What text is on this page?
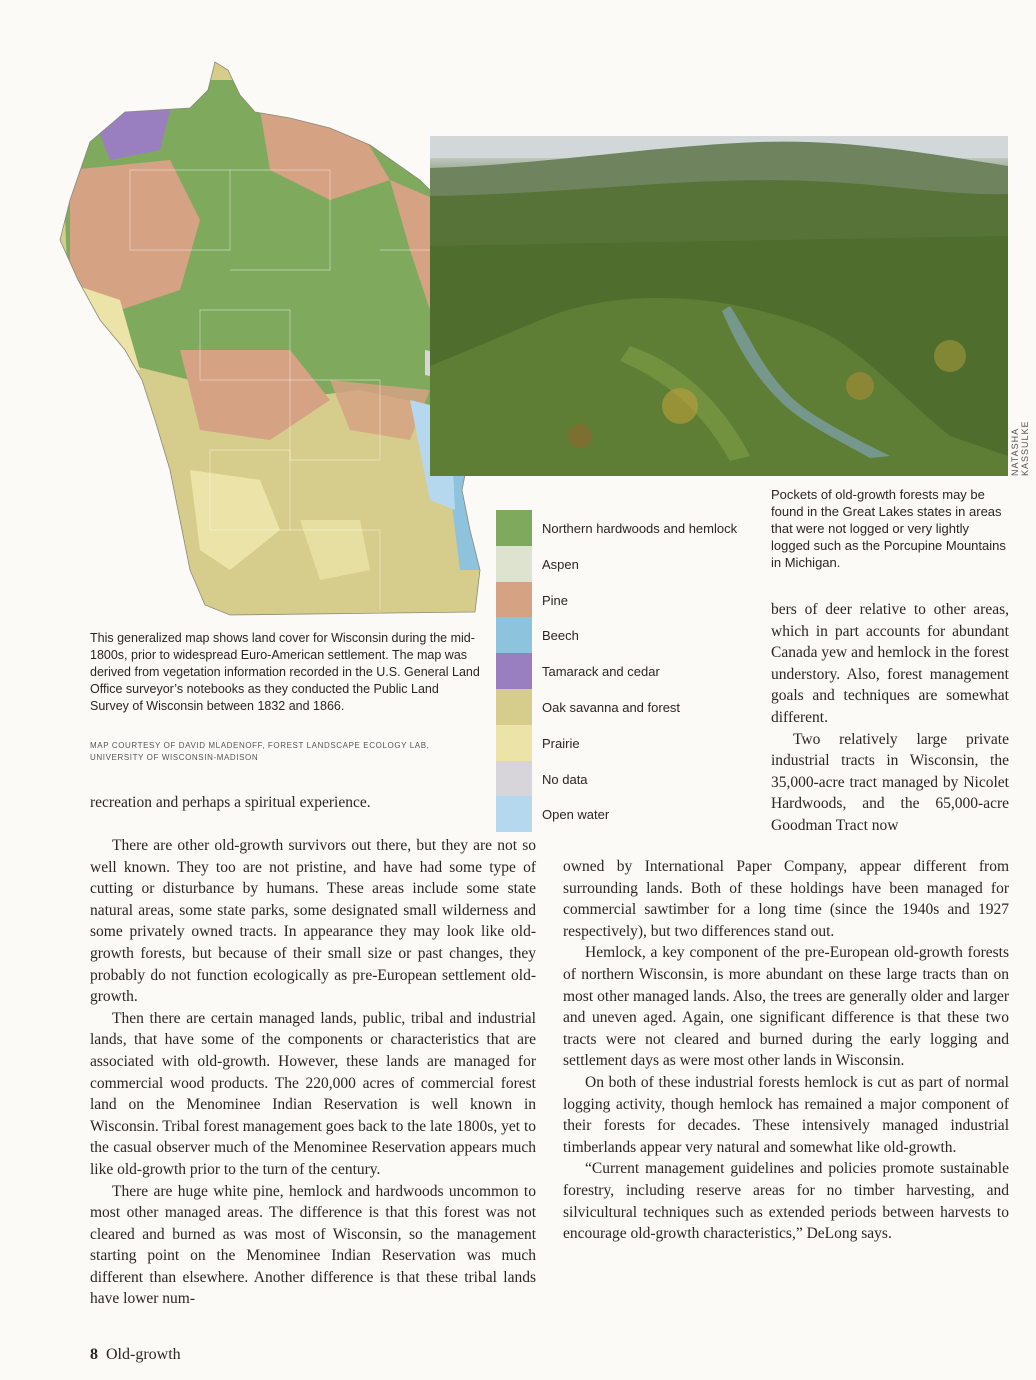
NATASHA KASSULKE

Pockets of old-growth forests may be found in the Great Lakes states in areas that were not logged or very lightly logged such as the Porcupine Mountains in Michigan.

Northern hardwoods and hemlock
Aspen
Pine
Beech
Tamarack and cedar
Oak savanna and forest
Prairie
No data
Open water

This generalized map shows land cover for Wisconsin during the mid-1800s, prior to widespread Euro-American settlement. The map was derived from vegetation information recorded in the U.S. General Land Office surveyor’s notebooks as they conducted the Public Land Survey of Wisconsin between 1832 and 1866.

MAP COURTESY OF DAVID MLADENOFF, FOREST LANDSCAPE ECOLOGY LAB, UNIVERSITY OF WISCONSIN-MADISON

recreation and perhaps a spiritual experience.

There are other old-growth survivors out there, but they are not so well known. They too are not pristine, and have had some type of cutting or disturbance by humans. These areas include some state natural areas, some state parks, some designated small wilderness and some privately owned tracts. In appearance they may look like old-growth forests, but because of their small size or past changes, they probably do not function ecologically as pre-European settlement old-growth.

Then there are certain managed lands, public, tribal and industrial lands, that have some of the components or characteristics that are associated with old-growth. However, these lands are managed for commercial wood products. The 220,000 acres of commercial forest land on the Menominee Indian Reservation is well known in Wisconsin. Tribal forest management goes back to the late 1800s, yet to the casual observer much of the Menominee Reservation appears much like old-growth prior to the turn of the century.

There are huge white pine, hemlock and hardwoods uncommon to most other managed areas. The difference is that this forest was not cleared and burned as was most of Wisconsin, so the management starting point on the Menominee Indian Reservation was much different than elsewhere. Another difference is that these tribal lands have lower num-

bers of deer relative to other areas, which in part accounts for abundant Canada yew and hemlock in the forest understory. Also, forest management goals and techniques are somewhat different.

Two relatively large private industrial tracts in Wisconsin, the 35,000-acre tract managed by Nicolet Hardwoods, and the 65,000-acre Goodman Tract now

owned by International Paper Company, appear different from surrounding lands. Both of these holdings have been managed for commercial sawtimber for a long time (since the 1940s and 1927 respectively), but two differences stand out.

Hemlock, a key component of the pre-European old-growth forests of northern Wisconsin, is more abundant on these large tracts than on most other managed lands. Also, the trees are generally older and larger and uneven aged. Again, one significant difference is that these two tracts were not cleared and burned during the early logging and settlement days as were most other lands in Wisconsin.

On both of these industrial forests hemlock is cut as part of normal logging activity, though hemlock has remained a major component of their forests for decades. These intensively managed industrial timberlands appear very natural and somewhat like old-growth.

“Current management guidelines and policies promote sustainable forestry, including reserve areas for no timber harvesting, and silvicultural techniques such as extended periods between harvests to encourage old-growth characteristics,” DeLong says.

8 Old-growth
